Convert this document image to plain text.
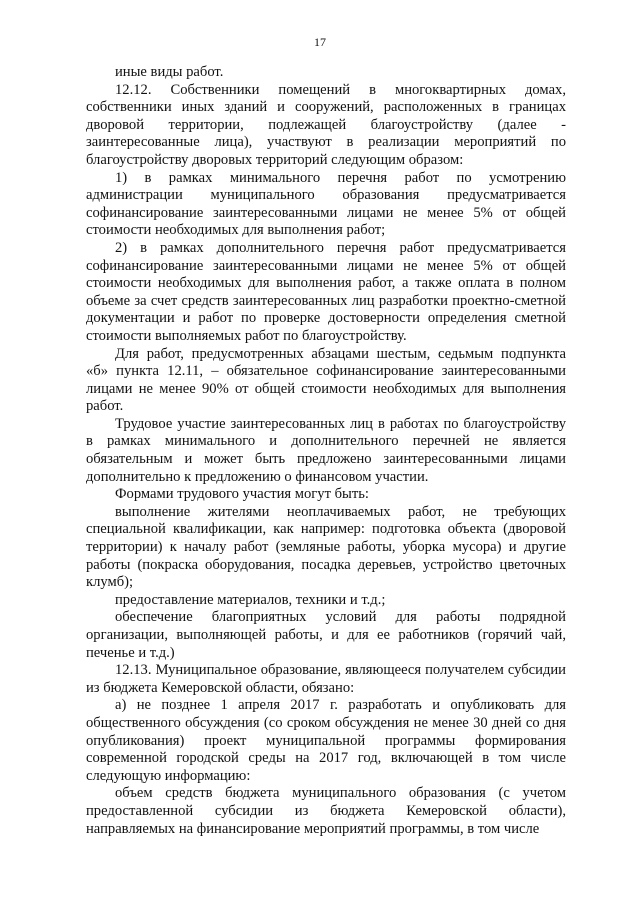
17

иные виды работ.

12.12. Собственники помещений в многоквартирных домах, собственники иных зданий и сооружений, расположенных в границах дворовой территории, подлежащей благоустройству (далее - заинтересованные лица), участвуют в реализации мероприятий по благоустройству дворовых территорий следующим образом:

1) в рамках минимального перечня работ по усмотрению администрации муниципального образования предусматривается софинансирование заинтересованными лицами не менее 5% от общей стоимости необходимых для выполнения работ;

2) в рамках дополнительного перечня работ предусматривается софинансирование заинтересованными лицами не менее 5% от общей стоимости необходимых для выполнения работ, а также оплата в полном объеме за счет средств заинтересованных лиц разработки проектно-сметной документации и работ по проверке достоверности определения сметной стоимости выполняемых работ по благоустройству.

Для работ, предусмотренных абзацами шестым, седьмым подпункта «б» пункта 12.11, – обязательное софинансирование заинтересованными лицами не менее 90% от общей стоимости необходимых для выполнения работ.

Трудовое участие заинтересованных лиц в работах по благоустройству в рамках минимального и дополнительного перечней не является обязательным и может быть предложено заинтересованными лицами дополнительно к предложению о финансовом участии.

Формами трудового участия могут быть:

выполнение жителями неоплачиваемых работ, не требующих специальной квалификации, как например: подготовка объекта (дворовой территории) к началу работ (земляные работы, уборка мусора) и другие работы (покраска оборудования, посадка деревьев, устройство цветочных клумб);

предоставление материалов, техники и т.д.;

обеспечение благоприятных условий для работы подрядной организации, выполняющей работы, и для ее работников (горячий чай, печенье и т.д.)

12.13. Муниципальное образование, являющееся получателем субсидии из бюджета Кемеровской области, обязано:

а) не позднее 1 апреля 2017 г. разработать и опубликовать для общественного обсуждения (со сроком обсуждения не менее 30 дней со дня опубликования) проект муниципальной программы формирования современной городской среды на 2017 год, включающей в том числе следующую информацию:

объем средств бюджета муниципального образования (с учетом предоставленной субсидии из бюджета Кемеровской области), направляемых на финансирование мероприятий программы, в том числе
